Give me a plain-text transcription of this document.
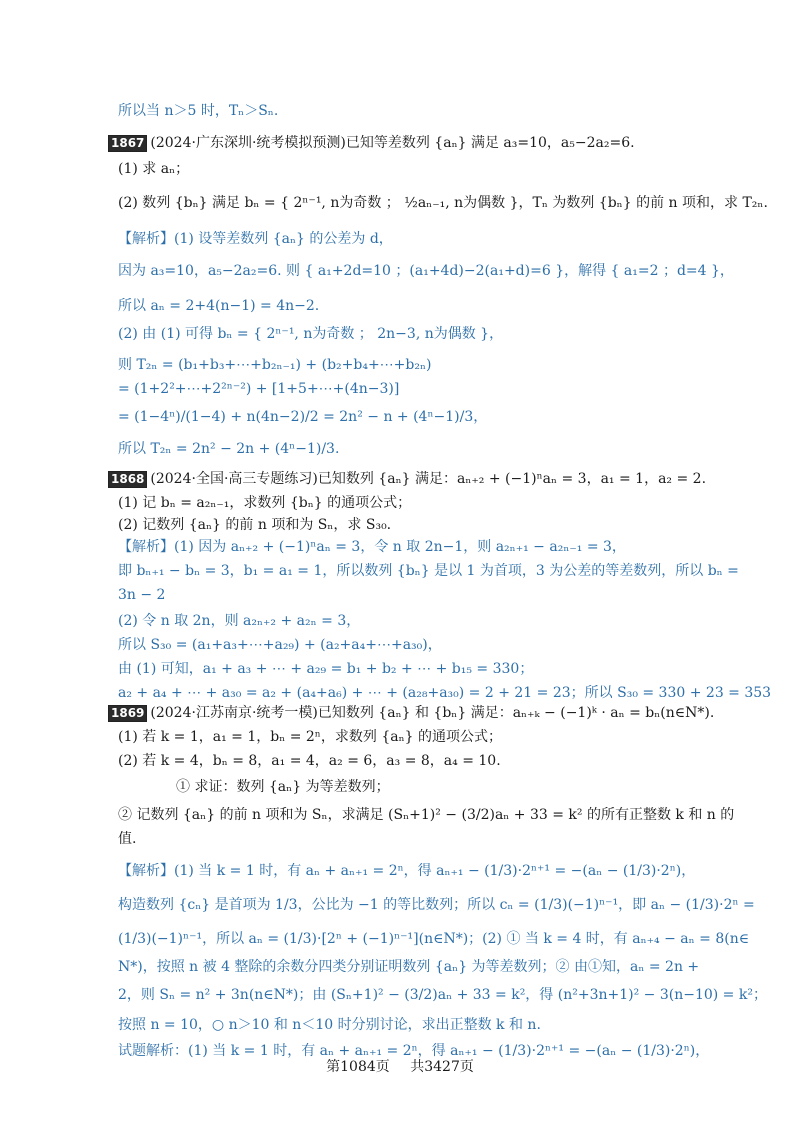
所以当 n＞5 时，Tₙ＞Sₙ.
1867 (2024·广东深圳·统考模拟预测)已知等差数列 {aₙ} 满足 a₃=10，a₅−2a₂=6.
(1) 求 aₙ；
(2) 数列 {bₙ} 满足 bₙ = { 2ⁿ⁻¹, n为奇数 ； ½aₙ₋₁, n为偶数 }，Tₙ 为数列 {bₙ} 的前 n 项和，求 T₂ₙ.
【解析】(1) 设等差数列 {aₙ} 的公差为 d，
因为 a₃=10，a₅−2a₂=6. 则 { a₁+2d=10 ；(a₁+4d)−2(a₁+d)=6 }，解得 { a₁=2 ；d=4 }，
所以 aₙ = 2+4(n−1) = 4n−2.
(2) 由 (1) 可得 bₙ = { 2ⁿ⁻¹, n为奇数 ； 2n−3, n为偶数 }，
则 T₂ₙ = (b₁+b₃+⋯+b₂ₙ₋₁) + (b₂+b₄+⋯+b₂ₙ)
= (1+2²+⋯+2²ⁿ⁻²) + [1+5+⋯+(4n−3)]
= (1−4ⁿ)/(1−4) + n(4n−2)/2 = 2n² − n + (4ⁿ−1)/3，
所以 T₂ₙ = 2n² − 2n + (4ⁿ−1)/3.
1868 (2024·全国·高三专题练习)已知数列 {aₙ} 满足：aₙ₊₂ + (−1)ⁿaₙ = 3，a₁ = 1，a₂ = 2.
(1) 记 bₙ = a₂ₙ₋₁，求数列 {bₙ} 的通项公式；
(2) 记数列 {aₙ} 的前 n 项和为 Sₙ，求 S₃₀.
【解析】(1) 因为 aₙ₊₂ + (−1)ⁿaₙ = 3，令 n 取 2n−1，则 a₂ₙ₊₁ − a₂ₙ₋₁ = 3，
即 bₙ₊₁ − bₙ = 3，b₁ = a₁ = 1，所以数列 {bₙ} 是以 1 为首项，3 为公差的等差数列，所以 bₙ =
3n − 2
(2) 令 n 取 2n，则 a₂ₙ₊₂ + a₂ₙ = 3，
所以 S₃₀ = (a₁+a₃+⋯+a₂₉) + (a₂+a₄+⋯+a₃₀)，
由 (1) 可知，a₁ + a₃ + ⋯ + a₂₉ = b₁ + b₂ + ⋯ + b₁₅ = 330；
a₂ + a₄ + ⋯ + a₃₀ = a₂ + (a₄+a₆) + ⋯ + (a₂₈+a₃₀) = 2 + 21 = 23；所以 S₃₀ = 330 + 23 = 353
1869 (2024·江苏南京·统考一模)已知数列 {aₙ} 和 {bₙ} 满足：aₙ₊ₖ − (−1)ᵏ · aₙ = bₙ(n∈N*).
(1) 若 k = 1，a₁ = 1，bₙ = 2ⁿ，求数列 {aₙ} 的通项公式；
(2) 若 k = 4，bₙ = 8，a₁ = 4，a₂ = 6，a₃ = 8，a₄ = 10.
① 求证：数列 {aₙ} 为等差数列；
② 记数列 {aₙ} 的前 n 项和为 Sₙ，求满足 (Sₙ+1)² − (3/2)aₙ + 33 = k² 的所有正整数 k 和 n 的
值.
【解析】(1) 当 k = 1 时，有 aₙ + aₙ₊₁ = 2ⁿ，得 aₙ₊₁ − (1/3)·2ⁿ⁺¹ = −(aₙ − (1/3)·2ⁿ)，
构造数列 {cₙ} 是首项为 1/3，公比为 −1 的等比数列；所以 cₙ = (1/3)(−1)ⁿ⁻¹，即 aₙ − (1/3)·2ⁿ =
(1/3)(−1)ⁿ⁻¹，所以 aₙ = (1/3)·[2ⁿ + (−1)ⁿ⁻¹](n∈N*)；(2) ① 当 k = 4 时，有 aₙ₊₄ − aₙ = 8(n∈
N*)，按照 n 被 4 整除的余数分四类分别证明数列 {aₙ} 为等差数列；② 由①知，aₙ = 2n +
2，则 Sₙ = n² + 3n(n∈N*)；由 (Sₙ+1)² − (3/2)aₙ + 33 = k²，得 (n²+3n+1)² − 3(n−10) = k²；
按照 n = 10，○ n＞10 和 n＜10 时分别讨论，求出正整数 k 和 n.
试题解析：(1) 当 k = 1 时，有 aₙ + aₙ₊₁ = 2ⁿ，得 aₙ₊₁ − (1/3)·2ⁿ⁺¹ = −(aₙ − (1/3)·2ⁿ)，
第1084页 共3427页
